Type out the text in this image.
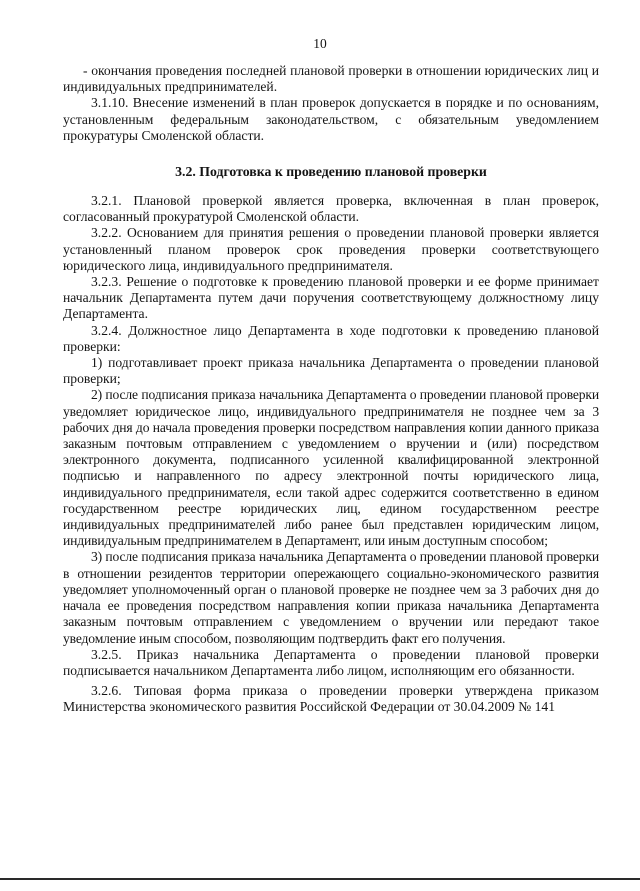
10

- окончания проведения последней плановой проверки в отношении юридических лиц и индивидуальных предпринимателей.

3.1.10. Внесение изменений в план проверок допускается в порядке и по основаниям, установленным федеральным законодательством, с обязательным уведомлением прокуратуры Смоленской области.

3.2. Подготовка к проведению плановой проверки

3.2.1. Плановой проверкой является проверка, включенная в план проверок, согласованный прокуратурой Смоленской области.

3.2.2. Основанием для принятия решения о проведении плановой проверки является установленный планом проверок срок проведения проверки соответствующего юридического лица, индивидуального предпринимателя.

3.2.3. Решение о подготовке к проведению плановой проверки и ее форме принимает начальник Департамента путем дачи поручения соответствующему должностному лицу Департамента.

3.2.4. Должностное лицо Департамента в ходе подготовки к проведению плановой проверки:

1) подготавливает проект приказа начальника Департамента о проведении плановой проверки;

2) после подписания приказа начальника Департамента о проведении плановой проверки уведомляет юридическое лицо, индивидуального предпринимателя не позднее чем за 3 рабочих дня до начала проведения проверки посредством направления копии данного приказа заказным почтовым отправлением с уведомлением о вручении и (или) посредством электронного документа, подписанного усиленной квалифицированной электронной подписью и направленного по адресу электронной почты юридического лица, индивидуального предпринимателя, если такой адрес содержится соответственно в едином государственном реестре юридических лиц, едином государственном реестре индивидуальных предпринимателей либо ранее был представлен юридическим лицом, индивидуальным предпринимателем в Департамент, или иным доступным способом;

3) после подписания приказа начальника Департамента о проведении плановой проверки в отношении резидентов территории опережающего социально-экономического развития уведомляет уполномоченный орган о плановой проверке не позднее чем за 3 рабочих дня до начала ее проведения посредством направления копии приказа начальника Департамента заказным почтовым отправлением с уведомлением о вручении или передают такое уведомление иным способом, позволяющим подтвердить факт его получения.

3.2.5. Приказ начальника Департамента о проведении плановой проверки подписывается начальником Департамента либо лицом, исполняющим его обязанности.

3.2.6. Типовая форма приказа о проведении проверки утверждена приказом Министерства экономического развития Российской Федерации от 30.04.2009 № 141
